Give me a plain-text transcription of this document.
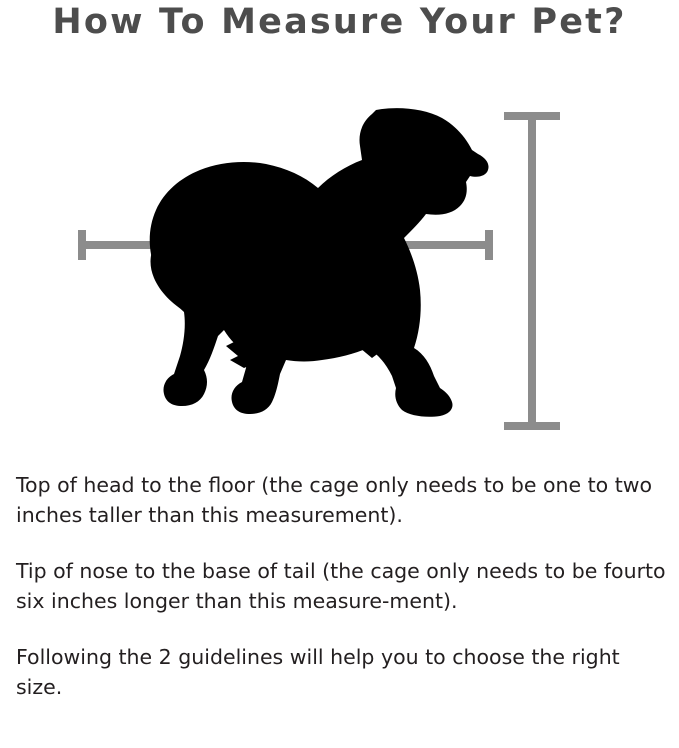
How To Measure Your Pet?

Top of head to the floor (the cage only needs to be one to two inches taller than this measurement).

Tip of nose to the base of tail (the cage only needs to be fourto six inches longer than this measure-ment).

Following the 2 guidelines will help you to choose the right size.
